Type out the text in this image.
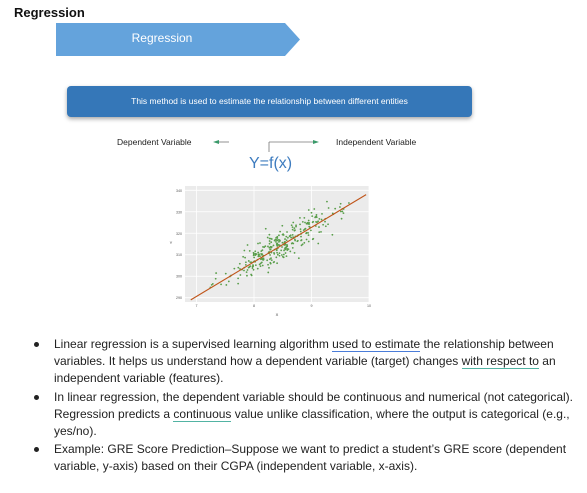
Regression
Regression
This method is used to estimate the relationship between different entities
Dependent Variable	Independent Variable
Y=f(x)
290
300
310
320
330
340
7	8	9	10
X
Y
Linear regression is a supervised learning algorithm used to estimate the relationship between variables. It helps us understand how a dependent variable (target) changes with respect to an independent variable (features).
In linear regression, the dependent variable should be continuous and numerical (not categorical). Regression predicts a continuous value unlike classification, where the output is categorical (e.g., yes/no).
Example: GRE Score Prediction–Suppose we want to predict a student’s GRE score (dependent variable, y-axis) based on their CGPA (independent variable, x-axis).
